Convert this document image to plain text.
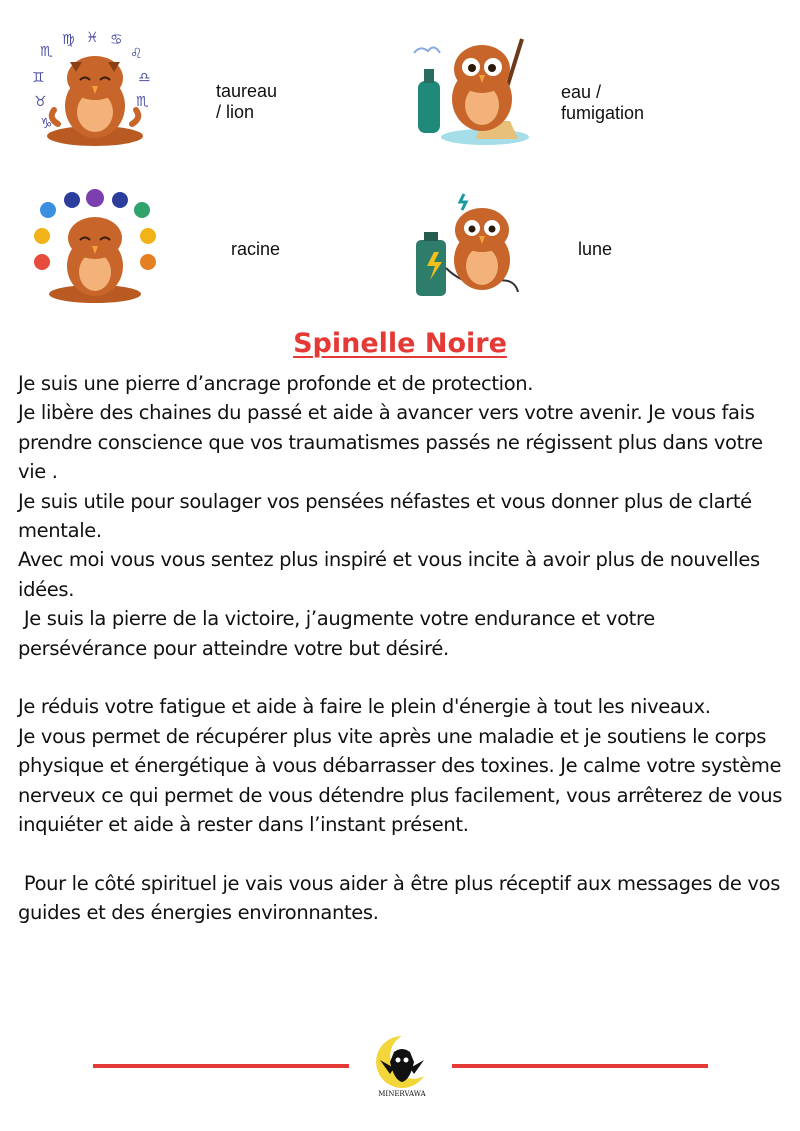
♏
♍ ♓ ♋
♌
♎
♏
♊
♉
♑
taureau / lion
eau / fumigation
racine	lune
Spinelle Noire

Je suis une pierre d’ancrage profonde et de protection.

Je libère des chaines du passé et aide à avancer vers votre avenir. Je vous fais prendre conscience que vos traumatismes passés ne régissent plus dans votre vie .

Je suis utile pour soulager vos pensées néfastes et vous donner plus de clarté mentale.

Avec moi vous vous sentez plus inspiré et vous incite à avoir plus de nouvelles idées.

Je suis la pierre de la victoire, j’augmente votre endurance et votre persévérance pour atteindre votre but désiré.

Je réduis votre fatigue et aide à faire le plein d'énergie à tout les niveaux.

Je vous permet de récupérer plus vite après une maladie et je soutiens le corps physique et énergétique à vous débarrasser des toxines. Je calme votre système nerveux ce qui permet de vous détendre plus facilement, vous arrêterez de vous inquiéter et aide à rester dans l’instant présent.

Pour le côté spirituel je vais vous aider à être plus réceptif aux messages de vos guides et des énergies environnantes.

MINERVAWA
